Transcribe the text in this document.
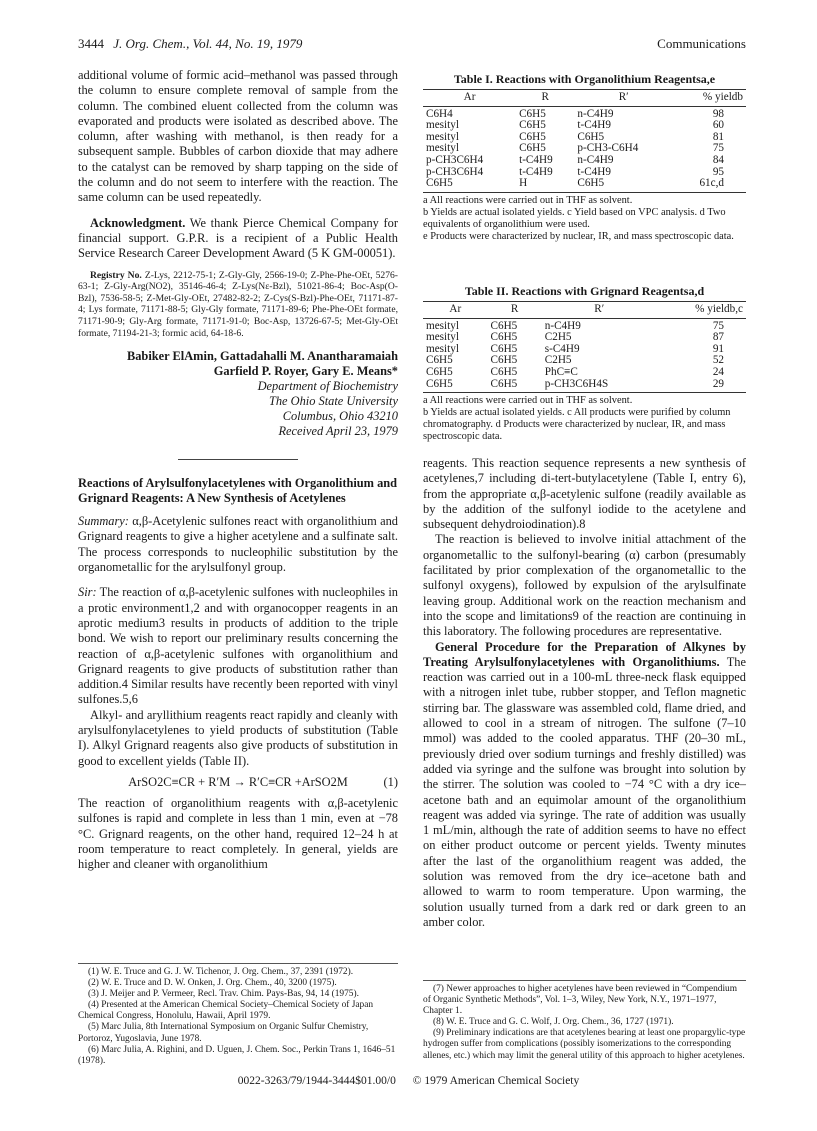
3444 J. Org. Chem., Vol. 44, No. 19, 1979	Communications

additional volume of formic acid–methanol was passed through the column to ensure complete removal of sample from the column. The combined eluent collected from the column was evaporated and products were isolated as described above. The column, after washing with methanol, is then ready for a subsequent sample. Bubbles of carbon dioxide that may adhere to the catalyst can be removed by sharp tapping on the side of the column and do not seem to interfere with the reaction. The same column can be used repeatedly.

Acknowledgment. We thank Pierce Chemical Company for financial support. G.P.R. is a recipient of a Public Health Service Research Career Development Award (5 K GM-00051).

Registry No. Z-Lys, 2212-75-1; Z-Gly-Gly, 2566-19-0; Z-Phe-Phe-OEt, 5276-63-1; Z-Gly-Arg(NO2), 35146-46-4; Z-Lys(Nε-Bzl), 51021-86-4; Boc-Asp(O-Bzl), 7536-58-5; Z-Met-Gly-OEt, 27482-82-2; Z-Cys(S-Bzl)-Phe-OEt, 71171-87-4; Lys formate, 71171-88-5; Gly-Gly formate, 71171-89-6; Phe-Phe-OEt formate, 71171-90-9; Gly-Arg formate, 71171-91-0; Boc-Asp, 13726-67-5; Met-Gly-OEt formate, 71194-21-3; formic acid, 64-18-6.

Babiker ElAmin, Gattadahalli M. Anantharamaiah
Garfield P. Royer, Gary E. Means*
Department of Biochemistry
The Ohio State University
Columbus, Ohio 43210
Received April 23, 1979
Reactions of Arylsulfonylacetylenes with Organolithium and Grignard Reagents: A New Synthesis of Acetylenes

Summary: α,β-Acetylenic sulfones react with organolithium and Grignard reagents to give a higher acetylene and a sulfinate salt. The process corresponds to nucleophilic substitution by the organometallic for the arylsulfonyl group.

Sir: The reaction of α,β-acetylenic sulfones with nucleophiles in a protic environment1,2 and with organocopper reagents in an aprotic medium3 results in products of addition to the triple bond. We wish to report our preliminary results concerning the reaction of α,β-acetylenic sulfones with organolithium and Grignard reagents to give products of substitution rather than addition.4 Similar results have recently been reported with vinyl sulfones.5,6

Alkyl- and aryllithium reagents react rapidly and cleanly with arylsulfonylacetylenes to yield products of substitution (Table I). Alkyl Grignard reagents also give products of substitution in good to excellent yields (Table II).

ArSO2C≡CR + R′M → R′C≡CR +ArSO2M	(1)

The reaction of organolithium reagents with α,β-acetylenic sulfones is rapid and complete in less than 1 min, even at −78 °C. Grignard reagents, on the other hand, required 12–24 h at room temperature to react completely. In general, yields are higher and cleaner with organolithium

Table I. Reactions with Organolithium Reagentsa,e
Ar	R	R′	% yieldb
C6H4	C6H5	n-C4H9	98
mesityl	C6H5	t-C4H9	60
mesityl	C6H5	C6H5	81
mesityl	C6H5	p-CH3-C6H4	75
p-CH3C6H4	t-C4H9	n-C4H9	84
p-CH3C6H4	t-C4H9	t-C4H9	95
C6H5	H	C6H5	61c,d
a All reactions were carried out in THF as solvent.
b Yields are actual isolated yields. c Yield based on VPC analysis. d Two equivalents of organolithium were used.
e Products were characterized by nuclear, IR, and mass spectroscopic data.
Table II. Reactions with Grignard Reagentsa,d
Ar	R	R′	% yieldb,c
mesityl	C6H5	n-C4H9	75
mesityl	C6H5	C2H5	87
mesityl	C6H5	s-C4H9	91
C6H5	C6H5	C2H5	52
C6H5	C6H5	PhC≡C	24
C6H5	C6H5	p-CH3C6H4S	29
a All reactions were carried out in THF as solvent.
b Yields are actual isolated yields. c All products were purified by column chromatography. d Products were characterized by nuclear, IR, and mass spectroscopic data.

reagents. This reaction sequence represents a new synthesis of acetylenes,7 including di-tert-butylacetylene (Table I, entry 6), from the appropriate α,β-acetylenic sulfone (readily available as by the addition of the sulfonyl iodide to the acetylene and subsequent dehydroiodination).8

The reaction is believed to involve initial attachment of the organometallic to the sulfonyl-bearing (α) carbon (presumably facilitated by prior complexation of the organometallic to the sulfonyl oxygens), followed by expulsion of the arylsulfinate leaving group. Additional work on the reaction mechanism and into the scope and limitations9 of the reaction are continuing in this laboratory. The following procedures are representative.

General Procedure for the Preparation of Alkynes by Treating Arylsulfonylacetylenes with Organolithiums. The reaction was carried out in a 100-mL three-neck flask equipped with a nitrogen inlet tube, rubber stopper, and Teflon magnetic stirring bar. The glassware was assembled cold, flame dried, and allowed to cool in a stream of nitrogen. The sulfone (7–10 mmol) was added to the cooled apparatus. THF (20–30 mL, previously dried over sodium turnings and freshly distilled) was added via syringe and the sulfone was brought into solution by the stirrer. The solution was cooled to −74 °C with a dry ice–acetone bath and an equimolar amount of the organolithium reagent was added via syringe. The rate of addition was usually 1 mL/min, although the rate of addition seems to have no effect on either product outcome or percent yields. Twenty minutes after the last of the organolithium reagent was added, the solution was removed from the dry ice–acetone bath and allowed to warm to room temperature. Upon warming, the solution usually turned from a dark red or dark green to an amber color.

(1) W. E. Truce and G. J. W. Tichenor, J. Org. Chem., 37, 2391 (1972).

(2) W. E. Truce and D. W. Onken, J. Org. Chem., 40, 3200 (1975).

(3) J. Meijer and P. Vermeer, Recl. Trav. Chim. Pays-Bas, 94, 14 (1975).

(4) Presented at the American Chemical Society–Chemical Society of Japan Chemical Congress, Honolulu, Hawaii, April 1979.

(5) Marc Julia, 8th International Symposium on Organic Sulfur Chemistry, Portoroz, Yugoslavia, June 1978.

(6) Marc Julia, A. Righini, and D. Uguen, J. Chem. Soc., Perkin Trans 1, 1646–51 (1978).

(7) Newer approaches to higher acetylenes have been reviewed in “Compendium of Organic Synthetic Methods”, Vol. 1–3, Wiley, New York, N.Y., 1971–1977, Chapter 1.

(8) W. E. Truce and G. C. Wolf, J. Org. Chem., 36, 1727 (1971).

(9) Preliminary indications are that acetylenes bearing at least one propargylic-type hydrogen suffer from complications (possibly isomerizations to the corresponding allenes, etc.) which may limit the general utility of this approach to higher acetylenes.

0022-3263/79/1944-3444$01.00/0 © 1979 American Chemical Society
